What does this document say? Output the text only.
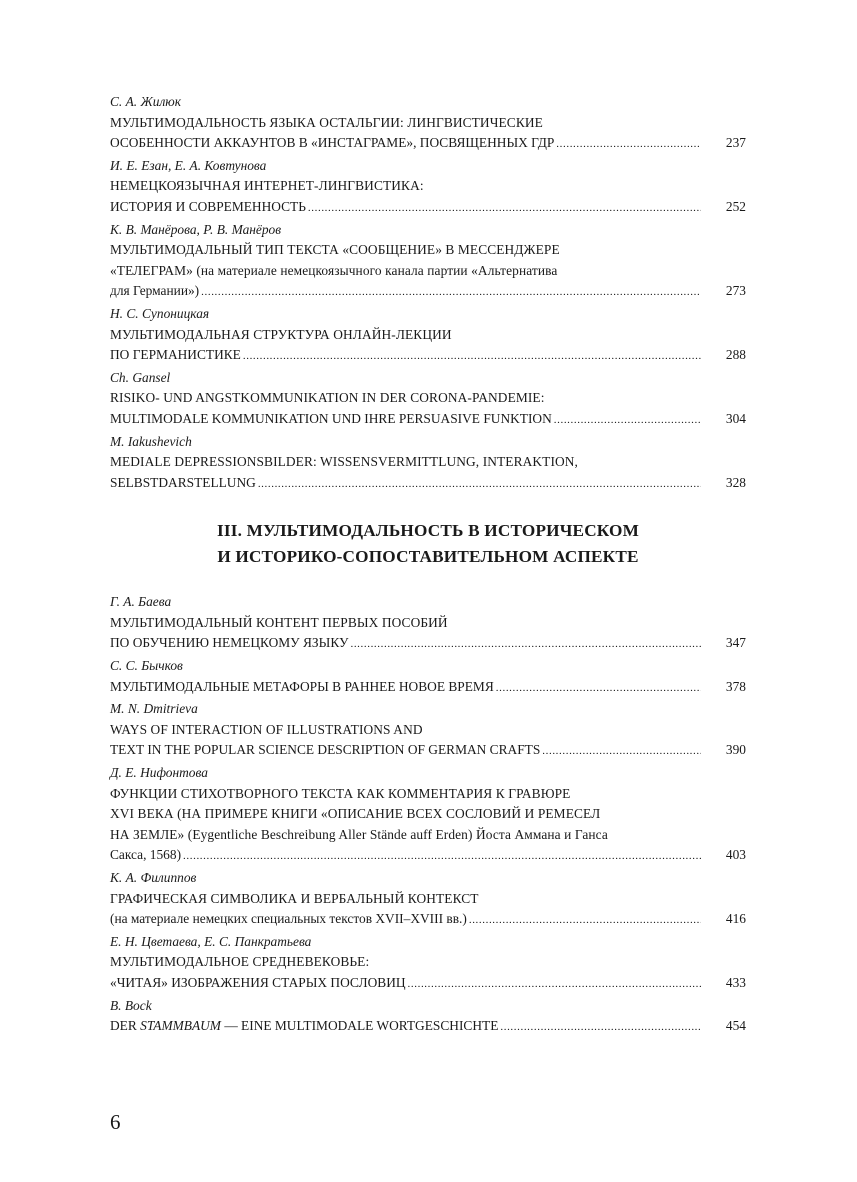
С. А. Жилюк
МУЛЬТИМОДАЛЬНОСТЬ ЯЗЫКА ОСТАЛЬГИИ: ЛИНГВИСТИЧЕСКИЕ
ОСОБЕННОСТИ АККАУНТОВ В «ИНСТАГРАМЕ», ПОСВЯЩЕННЫХ ГДР .....	237
И. Е. Езан, Е. А. Ковтунова
НЕМЕЦКОЯЗЫЧНАЯ ИНТЕРНЕТ-ЛИНГВИСТИКА:
ИСТОРИЯ И СОВРЕМЕННОСТЬ .....	252
К. В. Манёрова, Р. В. Манёров
МУЛЬТИМОДАЛЬНЫЙ ТИП ТЕКСТА «СООБЩЕНИЕ» В МЕССЕНДЖЕРЕ
«ТЕЛЕГРАМ» (на материале немецкоязычного канала партии «Альтернатива
для Германии») .....	273
Н. С. Супоницкая
МУЛЬТИМОДАЛЬНАЯ СТРУКТУРА ОНЛАЙН-ЛЕКЦИИ
ПО ГЕРМАНИСТИКЕ .....	288
Ch. Gansel
RISIKO- UND ANGSTKOMMUNIKATION IN DER CORONA-PANDEMIE:
MULTIMODALE KOMMUNIKATION UND IHRE PERSUASIVE FUNKTION .....	304
M. Iakushevich
MEDIALE DEPRESSIONSBILDER: WISSENSVERMITTLUNG, INTERAKTION,
SELBSTDARSTELLUNG .....	328
III. МУЛЬТИМОДАЛЬНОСТЬ В ИСТОРИЧЕСКОМ
И ИСТОРИКО-СОПОСТАВИТЕЛЬНОМ АСПЕКТЕ
Г. А. Баева
МУЛЬТИМОДАЛЬНЫЙ КОНТЕНТ ПЕРВЫХ ПОСОБИЙ
ПО ОБУЧЕНИЮ НЕМЕЦКОМУ ЯЗЫКУ .....	347
С. С. Бычков
МУЛЬТИМОДАЛЬНЫЕ МЕТАФОРЫ В РАННЕЕ НОВОЕ ВРЕМЯ .....	378
M. N. Dmitrieva
WAYS OF INTERACTION OF ILLUSTRATIONS AND
TEXT IN THE POPULAR SCIENCE DESCRIPTION OF GERMAN CRAFTS .....	390
Д. Е. Нифонтова
ФУНКЦИИ СТИХОТВОРНОГО ТЕКСТА КАК КОММЕНТАРИЯ К ГРАВЮРЕ
XVI ВЕКА (НА ПРИМЕРЕ КНИГИ «ОПИСАНИЕ ВСЕХ СОСЛОВИЙ И РЕМЕСЕЛ
НА ЗЕМЛЕ» (Eygentliche Beschreibung Aller Stände auff Erden) Йоста Аммана и Ганса
Сакса, 1568) .....	403
К. А. Филиппов
ГРАФИЧЕСКАЯ СИМВОЛИКА И ВЕРБАЛЬНЫЙ КОНТЕКСТ
(на материале немецких специальных текстов XVII–XVIII вв.) .....	416
Е. Н. Цветаева, Е. С. Панкратьева
МУЛЬТИМОДАЛЬНОЕ СРЕДНЕВЕКОВЬЕ:
«ЧИТАЯ» ИЗОБРАЖЕНИЯ СТАРЫХ ПОСЛОВИЦ .....	433
B. Bock
DER STAMMBAUM — EINE MULTIMODALE WORTGESCHICHTE .....	454
6
